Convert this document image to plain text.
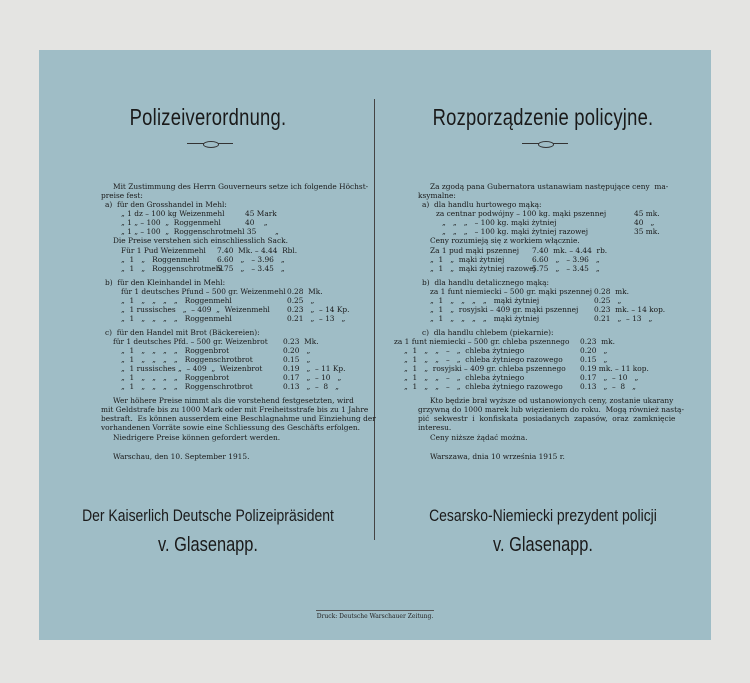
Polizeiverordnung.
Mit Zustimmung des Herrn Gouverneurs setze ich folgende Höchst-
preise fest:
a)  für den Grosshandel in Mehl:
„ 1 dz – 100 kg Weizenmehl	45 Mark
„ 1 „ – 100  „  Roggenmehl	40    „
„ 1 „ – 100  „  Roggenschrotmehl 35	„
Die Preise verstehen sich einschliesslich Sack.
Für 1 Pud Weizenmehl 7.40  Mk. – 4.44  Rbl.
„  1   „   Roggenmehl 6.60   „   – 3.96   „
„  1   „   Roggenschrotmehl
5.75   „   – 3.45   „
b)  für den Kleinhandel in Mehl:
für 1 deutsches Pfund – 500 gr. Weizenmehl 0.28  Mk.
„  1   „   „   „   „   Roggenmehl	0.25   „
„  1 russisches   „  – 409  „  Weizenmehl 0.23   „  – 14 Kp.
„  1   „   „   „   „   Roggenmehl	0.21   „  – 13   „
c)  für den Handel mit Brot (Bäckereien):
für 1 deutsches Pfd. – 500 gr. Weizenbrot 0.23  Mk.
„  1   „   „   „   „   Roggenbrot	0.20   „
„  1   „   „   „   „   Roggenschrotbrot	0.15   „
„  1 russisches „  – 409  „  Weizenbrot	0.19   „  – 11 Kp.
„  1   „   „   „   „   Roggenbrot	0.17   „  – 10   „
„  1   „   „   „   „   Roggenschrotbrot	0.13   „  –  8   „
Wer höhere Preise nimmt als die vorstehend festgesetzten, wird
mit Geldstrafe bis zu 1000 Mark oder mit Freiheitsstrafe bis zu 1 Jahre
bestraft.  Es können ausserdem eine Beschlagnahme und Einziehung der
vorhandenen Vorräte sowie eine Schliessung des Geschäfts erfolgen.
Niedrigere Preise können gefordert werden.
Warschau, den 10. September 1915.
Der Kaiserlich Deutsche Polizeipräsident
v. Glasenapp.
Rozporządzenie policyjne.
Za zgodą pana Gubernatora ustanawiam następujące ceny  ma-
ksymalne:
a)  dla handlu hurtowego mąką:
za centnar podwójny – 100 kg. mąki pszennej	45 mk.
„   „   „   – 100 kg. mąki żytniej	40   „
„   „   „   – 100 kg. mąki żytniej razowej	35 mk.
Ceny rozumieją się z workiem włącznie.
Za 1 pud mąki pszennej 7.40  mk. – 4.44  rb.
„  1   „  mąki żytniej	6.60   „   – 3.96   „
„  1   „  mąki żytniej razowej
5.75   „   – 3.45   „
b)  dla handlu detalicznego mąką:
za 1 funt niemiecki – 500 gr. mąki pszennej 0.28  mk.
„  1   „   „   „   „   mąki żytniej	0.25   „
„  1   „  rosyjski – 409 gr. mąki pszennej 0.23  mk. – 14 kop.
„  1   „   „   „   „   mąki żytniej	0.21   „  – 13   „
c)  dla handlu chlebem (piekarnie):
za 1 funt niemiecki – 500 gr. chleba pszennego 0.23  mk.
„  1   „   „   –   „  chleba żytniego	0.20   „
„  1   „   „   –   „  chleba żytniego razowego 0.15   „
„  1   „  rosyjski – 409 gr. chleba pszennego 0.19 mk. – 11 kop.
„  1   „   „   –   „  chleba żytniego	0.17   „  – 10   „
„  1   „   „   –   „  chleba żytniego razowego 0.13   „  –  8   „
Kto będzie brał wyższe od ustanowionych ceny, zostanie ukarany
grzywną do 1000 marek lub więzieniem do roku.  Mogą również nastą-
pić  sekwestr  i  konfiskata  posiadanych  zapasów,  oraz  zamknięcie
interesu.
Ceny niższe żądać można.
Warszawa, dnia 10 września 1915 r.
Cesarsko-Niemiecki prezydent policji
v. Glasenapp.
Druck: Deutsche Warschauer Zeitung.
